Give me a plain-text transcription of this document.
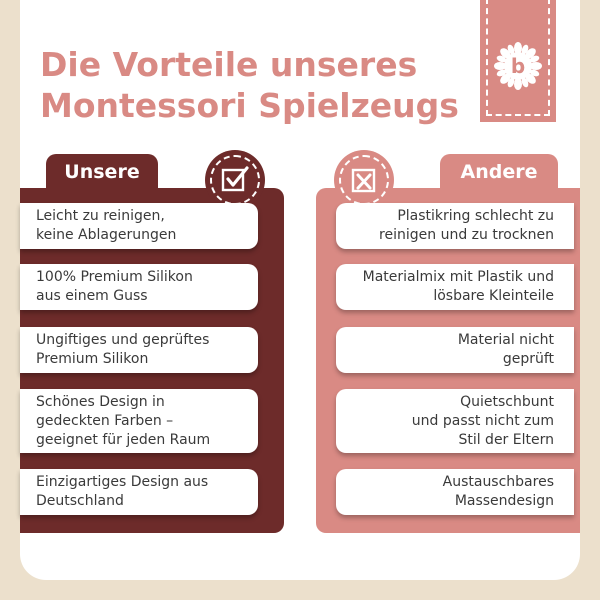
Die Vorteile unseres
Montessori Spielzeugs
b
Unsere
Leicht zu reinigen,
keine Ablagerungen
100% Premium Silikon
aus einem Guss
Ungiftiges und geprüftes
Premium Silikon
Schönes Design in
gedeckten Farben –
geeignet für jeden Raum
Einzigartiges Design aus
Deutschland
Andere
Plastikring schlecht zu
reinigen und zu trocknen
Materialmix mit Plastik und
lösbare Kleinteile
Material nicht
geprüft
Quietschbunt
und passt nicht zum
Stil der Eltern
Austauschbares
Massendesign
